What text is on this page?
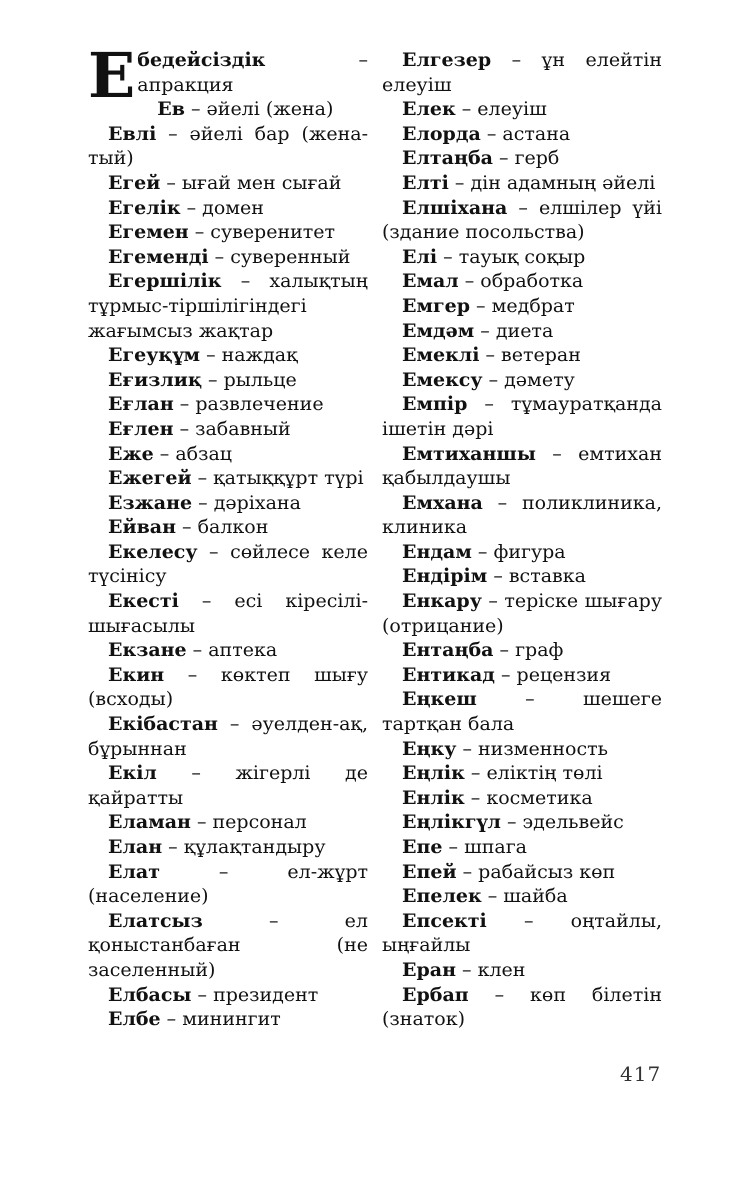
Ебедейсіздік – апракция

Ев – әйелі (жена)

Евлі – әйелі бар (жена-тый)

Егей – ығай мен сығай

Егелік – домен

Егемен – суверенитет

Егеменді – суверенный

Егершілік – халықтың тұрмыс-тіршілігіндегі жағымсыз жақтар

Егеуқұм – наждақ

Еғизлиқ – рыльце

Еғлан – развлечение

Еғлен – забавный

Еже – абзац

Ежегей – қатыққұрт түрі

Езжане – дәріхана

Ейван – балкон

Екелесу – сөйлесе келе түсінісу

Екесті – есі кіресілі-шығасылы

Екзане – аптека

Екин – көктеп шығу (всходы)

Екібастан – әуелден-ақ, бұрыннан

Екіл – жігерлі де қайратты

Еламан – персонал

Елан – құлақтандыру

Елат – ел-жұрт (население)

Елатсыз – ел қоныстанбаған (не заселенный)

Елбасы – президент

Елбе – минингит

Елгезер – ұн елейтін елеуіш

Елек – елеуіш

Елорда – астана

Елтаңба – герб

Елті – дін адамның әйелі

Елшіхана – елшілер үйі (здание посольства)

Елі – тауық соқыр

Емал – обработка

Емгер – медбрат

Емдәм – диета

Емеклі – ветеран

Емексу – дәмету

Емпір – тұмауратқанда ішетін дәрі

Емтиханшы – емтихан қабылдаушы

Емхана – поликлиника, клиника

Ендам – фигура

Ендірім – вставка

Енкару – теріске шығару (отрицание)

Ентаңба – граф

Ентикад – рецензия

Еңкеш – шешеге тартқан бала

Еңку – низменность

Еңлік – еліктің төлі

Енлік – косметика

Еңлікгүл – эдельвейс

Епе – шпага

Епей – рабайсыз көп

Епелек – шайба

Епсекті – оңтайлы, ыңғайлы

Еран – клен

Ербап – көп білетін (знаток)

417
